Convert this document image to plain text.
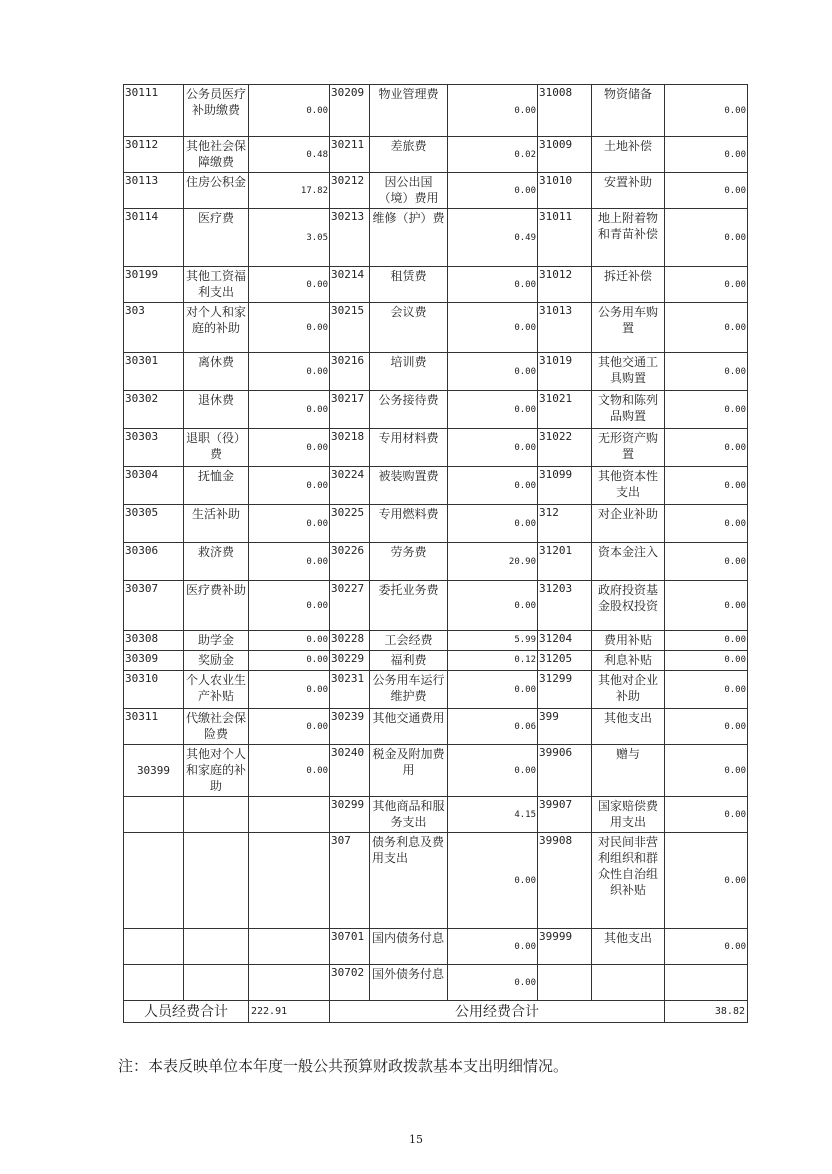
30111	公务员医疗补助缴费	0.00	30209	物业管理费	0.00	31008	物资储备	0.00
30112	其他社会保障缴费	0.48	30211	差旅费	0.02	31009	土地补偿	0.00
30113	住房公积金	17.82	30212	因公出国（境）费用	0.00	31010	安置补助	0.00
30114	医疗费	3.05	30213	维修（护）费	0.49	31011	地上附着物和青苗补偿	0.00
30199	其他工资福利支出	0.00	30214	租赁费	0.00	31012	拆迁补偿	0.00
303	对个人和家庭的补助	0.00	30215	会议费	0.00	31013	公务用车购置	0.00
30301	离休费	0.00	30216	培训费	0.00	31019	其他交通工具购置	0.00
30302	退休费	0.00	30217	公务接待费	0.00	31021	文物和陈列品购置	0.00
30303	退职（役）费	0.00	30218	专用材料费	0.00	31022	无形资产购置	0.00
30304	抚恤金	0.00	30224	被装购置费	0.00	31099	其他资本性支出	0.00
30305	生活补助	0.00	30225	专用燃料费	0.00	312	对企业补助	0.00
30306	救济费	0.00	30226	劳务费	20.90	31201	资本金注入	0.00
30307	医疗费补助	0.00	30227	委托业务费	0.00	31203	政府投资基金股权投资	0.00
30308	助学金	0.00	30228	工会经费	5.99	31204	费用补贴	0.00
30309	奖励金	0.00	30229	福利费	0.12	31205	利息补贴	0.00
30310	个人农业生产补贴	0.00	30231	公务用车运行维护费	0.00	31299	其他对企业补助	0.00
30311	代缴社会保险费	0.00	30239	其他交通费用	0.06	399	其他支出	0.00
30399	其他对个人和家庭的补助	0.00	30240	税金及附加费用	0.00	39906	赠与	0.00
			30299	其他商品和服务支出	4.15	39907	国家赔偿费用支出	0.00
			307	债务利息及费用支出	0.00	39908	对民间非营利组织和群众性自治组织补贴	0.00
			30701	国内债务付息	0.00	39999	其他支出	0.00
			30702	国外债务付息	0.00			
人员经费合计		222.91	公用经费合计					38.82
注：本表反映单位本年度一般公共预算财政拨款基本支出明细情况。
15
